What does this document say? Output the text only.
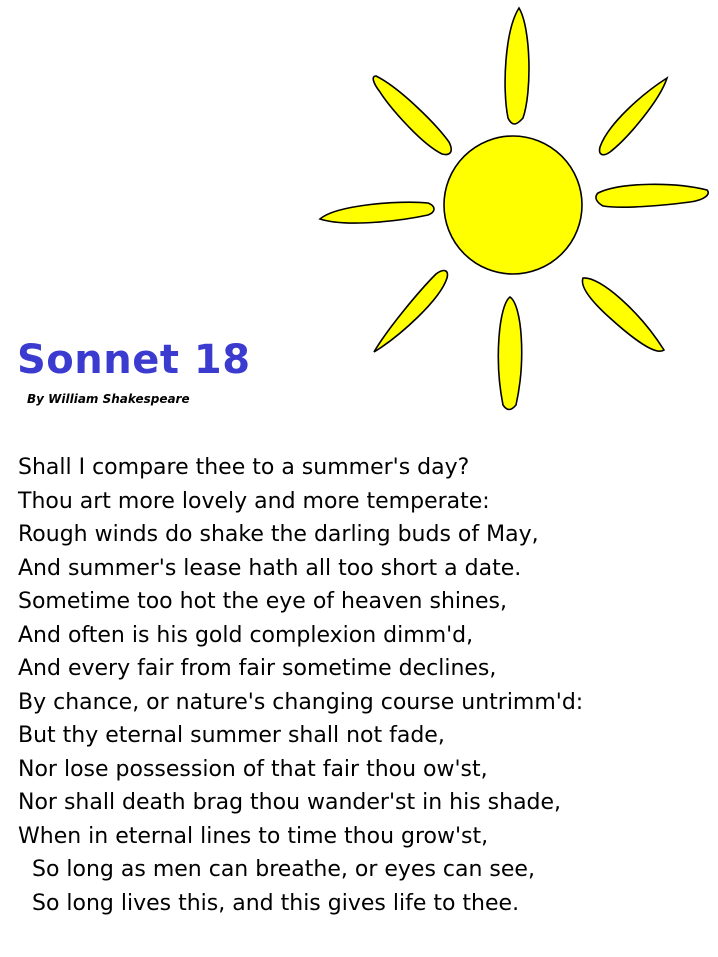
Sonnet 18
By William Shakespeare
Shall I compare thee to a summer's day?
Thou art more lovely and more temperate:
Rough winds do shake the darling buds of May,
And summer's lease hath all too short a date.
Sometime too hot the eye of heaven shines,
And often is his gold complexion dimm'd,
And every fair from fair sometime declines,
By chance, or nature's changing course untrimm'd:
But thy eternal summer shall not fade,
Nor lose possession of that fair thou ow'st,
Nor shall death brag thou wander'st in his shade,
When in eternal lines to time thou grow'st,
So long as men can breathe, or eyes can see,
So long lives this, and this gives life to thee.
